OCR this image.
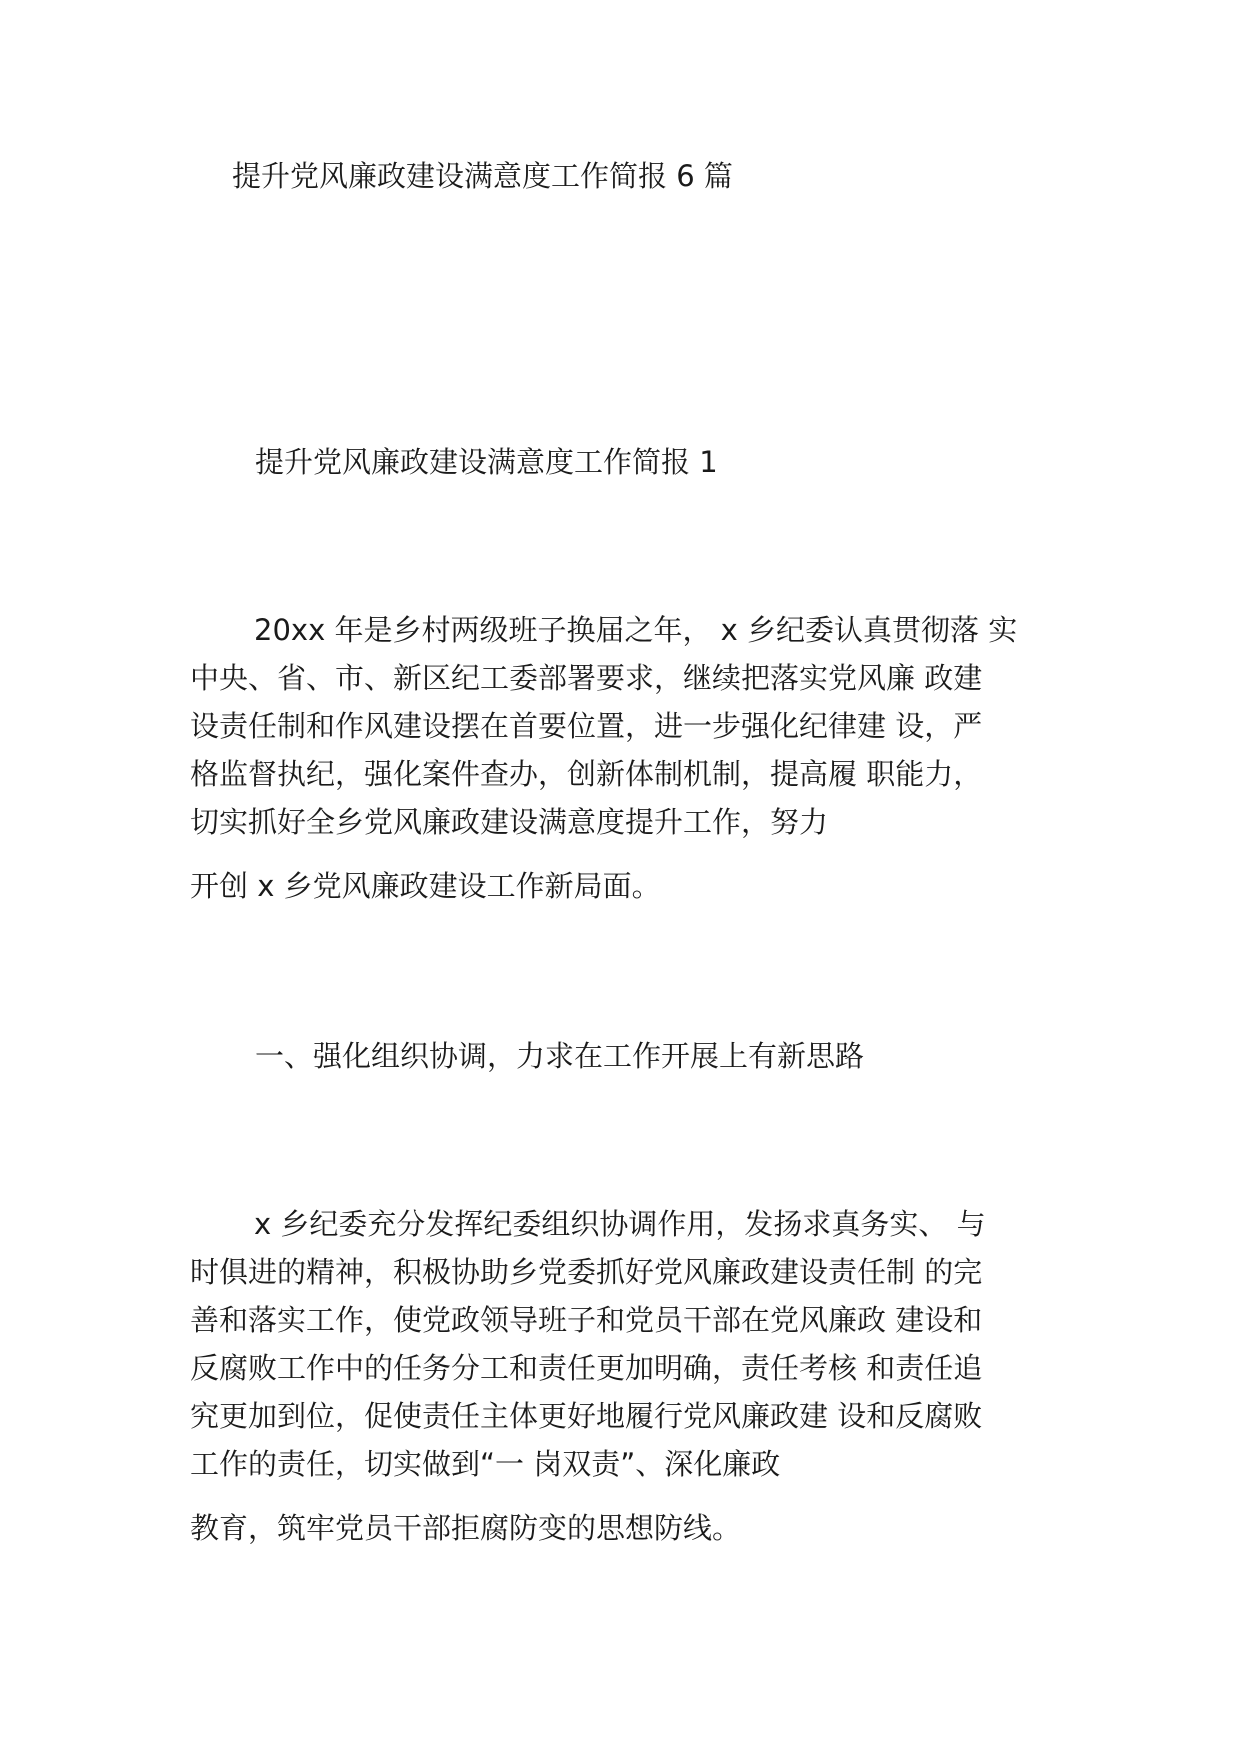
提升党风廉政建设满意度工作简报 6 篇
提升党风廉政建设满意度工作简报 1
20xx 年是乡村两级班子换届之年， x 乡纪委认真贯彻落 实
中央、省、市、新区纪工委部署要求，继续把落实党风廉 政建
设责任制和作风建设摆在首要位置，进一步强化纪律建 设，严
格监督执纪，强化案件查办，创新体制机制，提高履 职能力，
切实抓好全乡党风廉政建设满意度提升工作，努力
开创 x 乡党风廉政建设工作新局面。
一、强化组织协调，力求在工作开展上有新思路
x 乡纪委充分发挥纪委组织协调作用，发扬求真务实、 与
时俱进的精神，积极协助乡党委抓好党风廉政建设责任制 的完
善和落实工作，使党政领导班子和党员干部在党风廉政 建设和
反腐败工作中的任务分工和责任更加明确，责任考核 和责任追
究更加到位，促使责任主体更好地履行党风廉政建 设和反腐败
工作的责任，切实做到“一 岗双责”、深化廉政
教育，筑牢党员干部拒腐防变的思想防线。
